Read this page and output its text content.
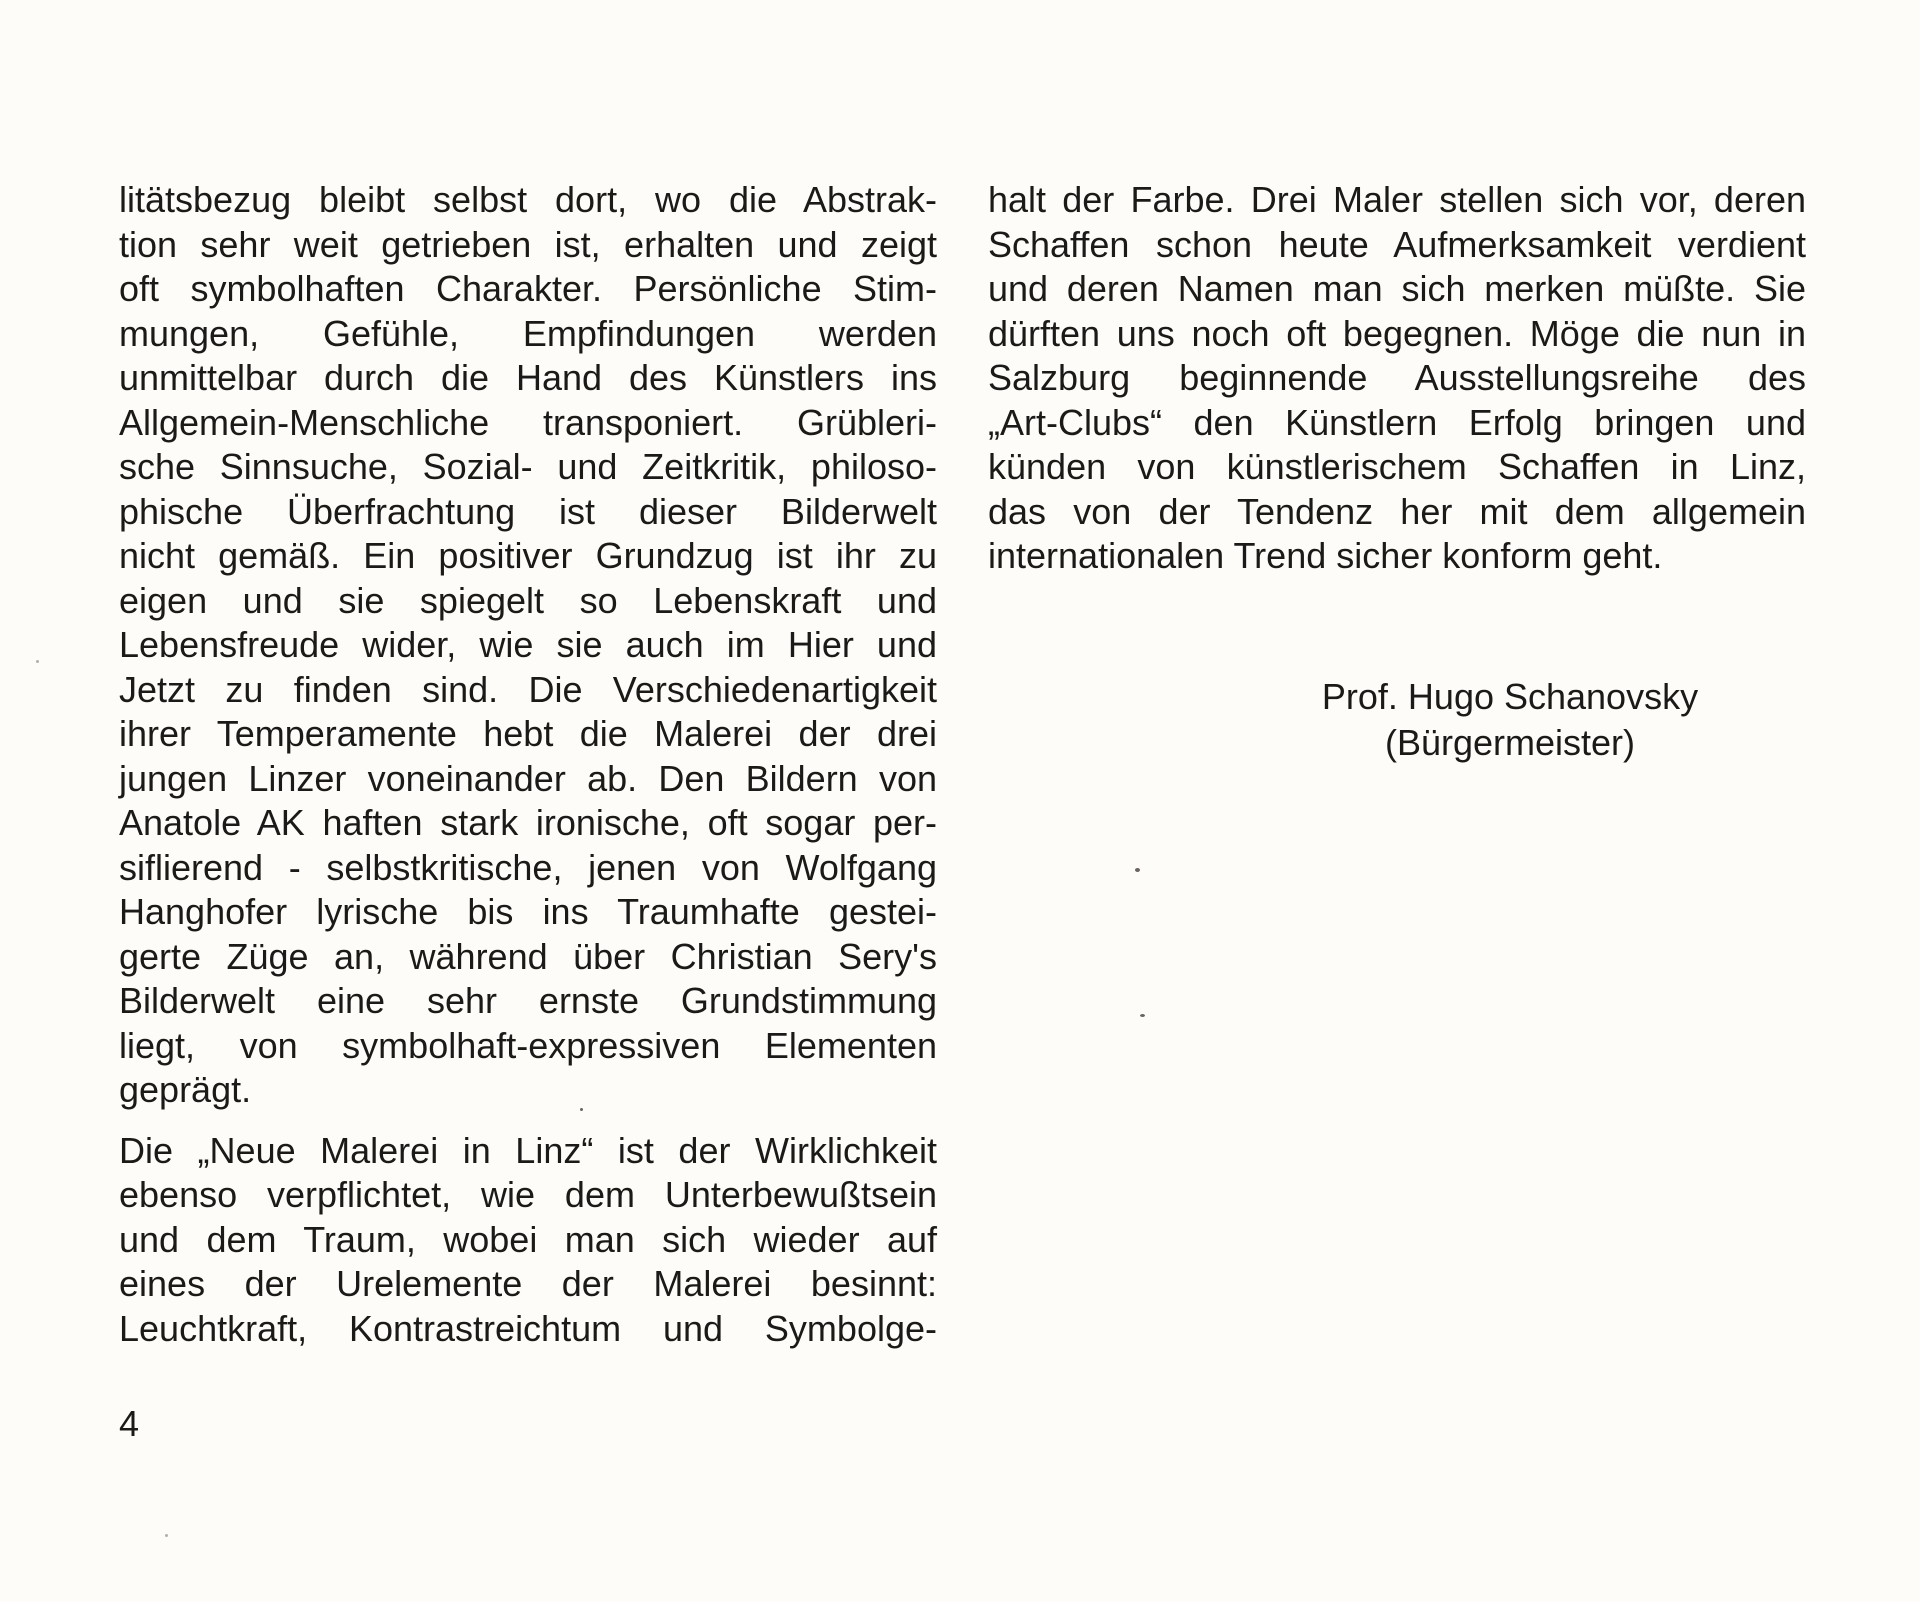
litätsbezug bleibt selbst dort, wo die Abstrak-
tion sehr weit getrieben ist, erhalten und zeigt
oft symbolhaften Charakter. Persönliche Stim-
mungen, Gefühle, Empfindungen werden
unmittelbar durch die Hand des Künstlers ins
Allgemein-Menschliche transponiert. Grübleri-
sche Sinnsuche, Sozial- und Zeitkritik, philoso-
phische Überfrachtung ist dieser Bilderwelt
nicht gemäß. Ein positiver Grundzug ist ihr zu
eigen und sie spiegelt so Lebenskraft und
Lebensfreude wider, wie sie auch im Hier und
Jetzt zu finden sind. Die Verschiedenartigkeit
ihrer Temperamente hebt die Malerei der drei
jungen Linzer voneinander ab. Den Bildern von
Anatole AK haften stark ironische, oft sogar per-
siflierend - selbstkritische, jenen von Wolfgang
Hanghofer lyrische bis ins Traumhafte gestei-
gerte Züge an, während über Christian Sery's
Bilderwelt eine sehr ernste Grundstimmung
liegt, von symbolhaft-expressiven Elementen
geprägt.
Die „Neue Malerei in Linz“ ist der Wirklichkeit
ebenso verpflichtet, wie dem Unterbewußtsein
und dem Traum, wobei man sich wieder auf
eines der Urelemente der Malerei besinnt:
Leuchtkraft, Kontrastreichtum und Symbolge-
halt der Farbe. Drei Maler stellen sich vor, deren
Schaffen schon heute Aufmerksamkeit verdient
und deren Namen man sich merken müßte. Sie
dürften uns noch oft begegnen. Möge die nun in
Salzburg beginnende Ausstellungsreihe des
„Art-Clubs“ den Künstlern Erfolg bringen und
künden von künstlerischem Schaffen in Linz,
das von der Tendenz her mit dem allgemein
internationalen Trend sicher konform geht.
Prof. Hugo Schanovsky
(Bürgermeister)
4
